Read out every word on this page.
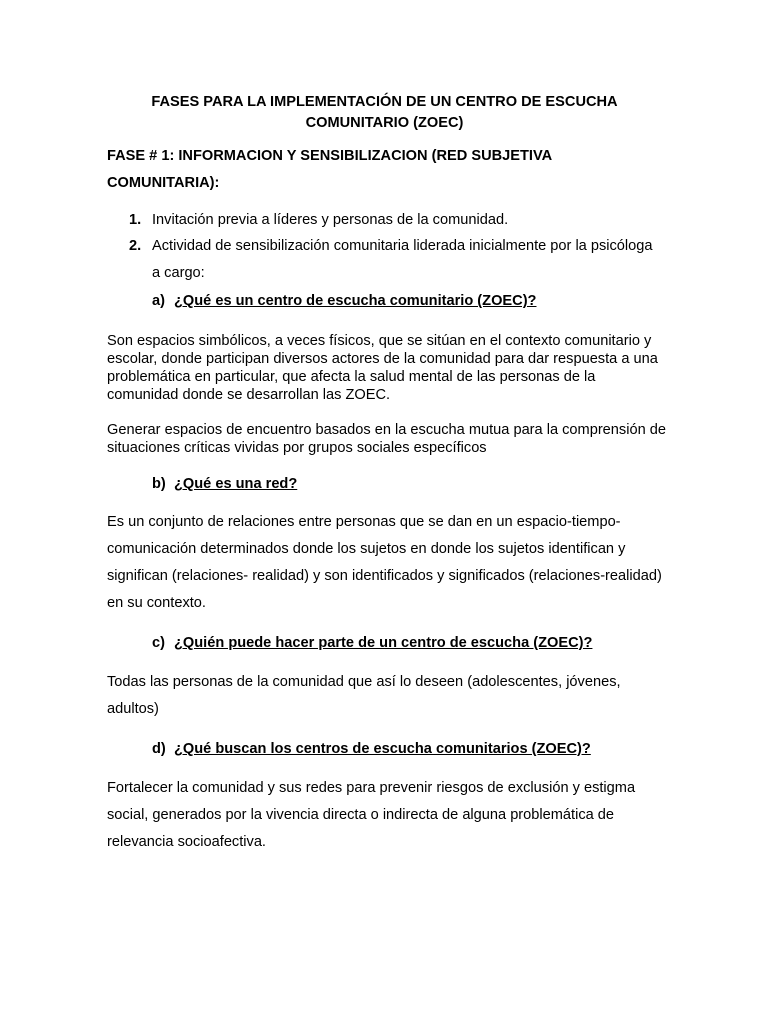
FASES PARA LA IMPLEMENTACIÓN DE UN CENTRO DE ESCUCHA
COMUNITARIO (ZOEC)
FASE # 1: INFORMACION Y SENSIBILIZACION (RED SUBJETIVA COMUNITARIA):
1. Invitación previa a líderes y personas de la comunidad.
2. Actividad de sensibilización comunitaria liderada inicialmente por la psicóloga a cargo:
a) ¿Qué es un centro de escucha comunitario (ZOEC)?
Son espacios simbólicos, a veces físicos, que se sitúan en el contexto comunitario y escolar, donde participan diversos actores de la comunidad para dar respuesta a una problemática en particular, que afecta la salud mental de las personas de la comunidad donde se desarrollan las ZOEC.
Generar espacios de encuentro basados en la escucha mutua para la comprensión de situaciones críticas vividas por grupos sociales específicos
b) ¿Qué es una red?
Es un conjunto de relaciones entre personas que se dan en un espacio-tiempo-comunicación determinados donde los sujetos en donde los sujetos identifican y significan (relaciones- realidad) y son identificados y significados (relaciones-realidad) en su contexto.
c) ¿Quién puede hacer parte de un centro de escucha (ZOEC)?
Todas las personas de la comunidad que así lo deseen (adolescentes, jóvenes, adultos)
d) ¿Qué buscan los centros de escucha comunitarios (ZOEC)?
Fortalecer la comunidad y sus redes para prevenir riesgos de exclusión y estigma social, generados por la vivencia directa o indirecta de alguna problemática de relevancia socioafectiva.
